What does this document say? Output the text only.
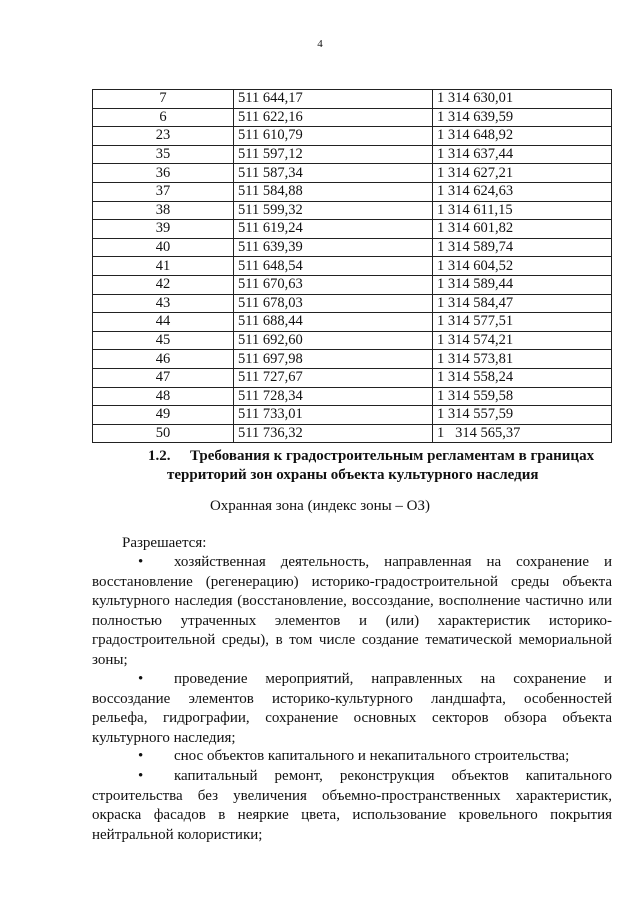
4
7	511 644,17	1 314 630,01
6	511 622,16	1 314 639,59
23	511 610,79	1 314 648,92
35	511 597,12	1 314 637,44
36	511 587,34	1 314 627,21
37	511 584,88	1 314 624,63
38	511 599,32	1 314 611,15
39	511 619,24	1 314 601,82
40	511 639,39	1 314 589,74
41	511 648,54	1 314 604,52
42	511 670,63	1 314 589,44
43	511 678,03	1 314 584,47
44	511 688,44	1 314 577,51
45	511 692,60	1 314 574,21
46	511 697,98	1 314 573,81
47	511 727,67	1 314 558,24
48	511 728,34	1 314 559,58
49	511 733,01	1 314 557,59
50	511 736,32	1   314 565,37
1.2. Требования к градостроительным регламентам в границах
территорий зон охраны объекта культурного наследия
Охранная зона (индекс зоны – ОЗ)
Разрешается:
• хозяйственная деятельность, направленная на сохранение и восстановление (регенерацию) историко-градостроительной среды объекта культурного наследия (восстановление, воссоздание, восполнение частично или полностью утраченных элементов и (или) характеристик историко-градостроительной среды), в том числе создание тематической мемориальной зоны;
• проведение мероприятий, направленных на сохранение и воссоздание элементов историко-культурного ландшафта, особенностей рельефа, гидрографии, сохранение основных секторов обзора объекта культурного наследия;
• снос объектов капитального и некапитального строительства;
• капитальный ремонт, реконструкция объектов капитального строительства без увеличения объемно-пространственных характеристик, окраска фасадов в неяркие цвета, использование кровельного покрытия нейтральной колористики;
